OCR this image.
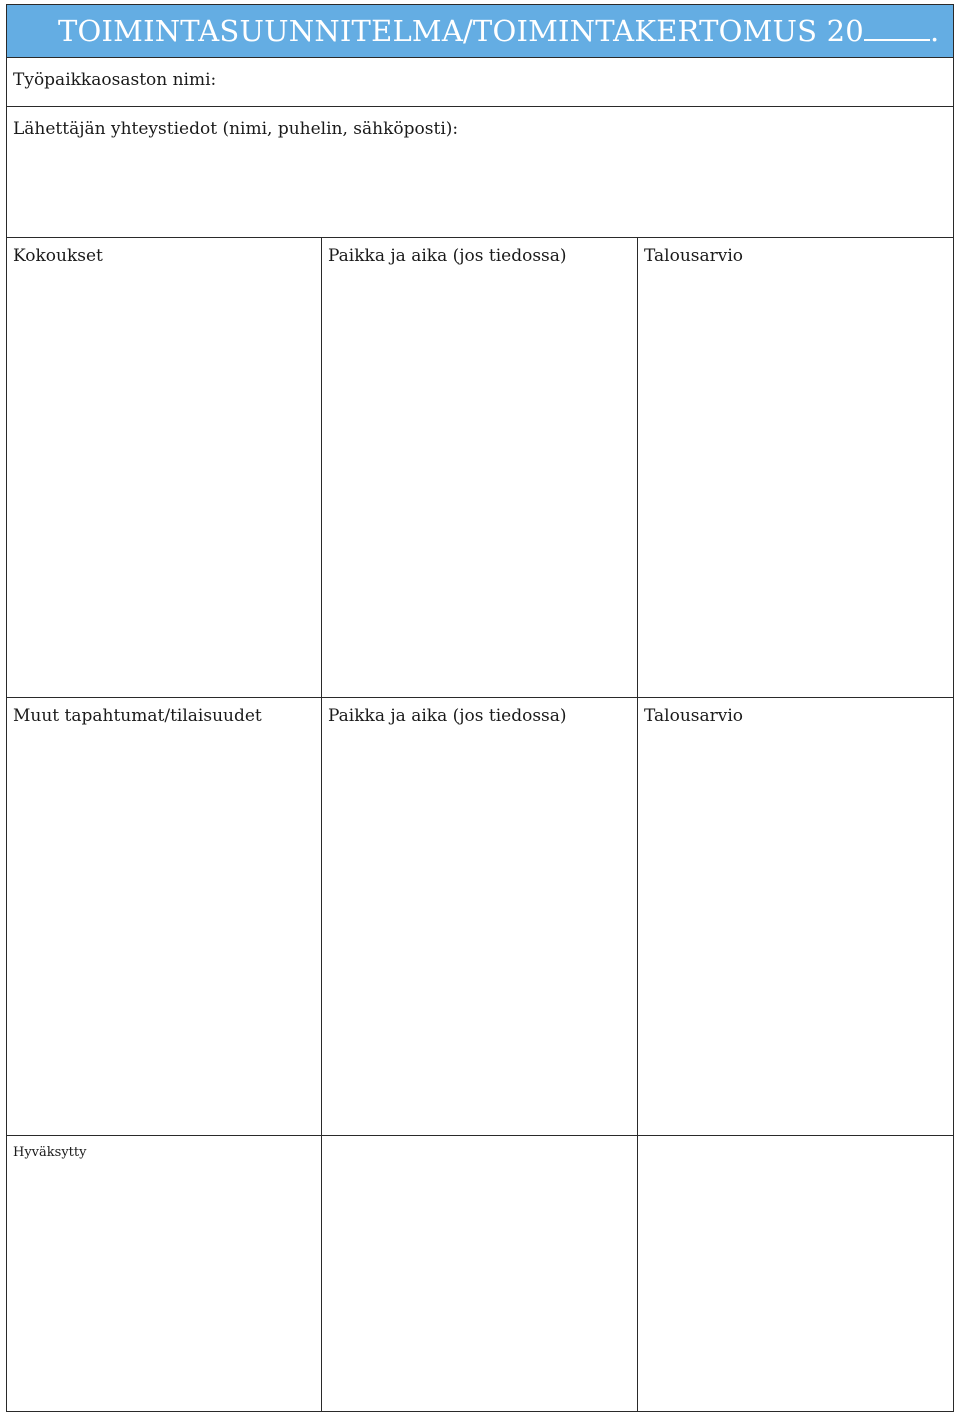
TOIMINTASUUNNITELMA/TOIMINTAKERTOMUS 20 .
Työpaikkaosaston nimi:
Lähettäjän yhteystiedot (nimi, puhelin, sähköposti):
Kokoukset	Paikka ja aika (jos tiedossa)	Talousarvio
Muut tapahtumat/tilaisuudet	Paikka ja aika (jos tiedossa)	Talousarvio
Hyväksytty
